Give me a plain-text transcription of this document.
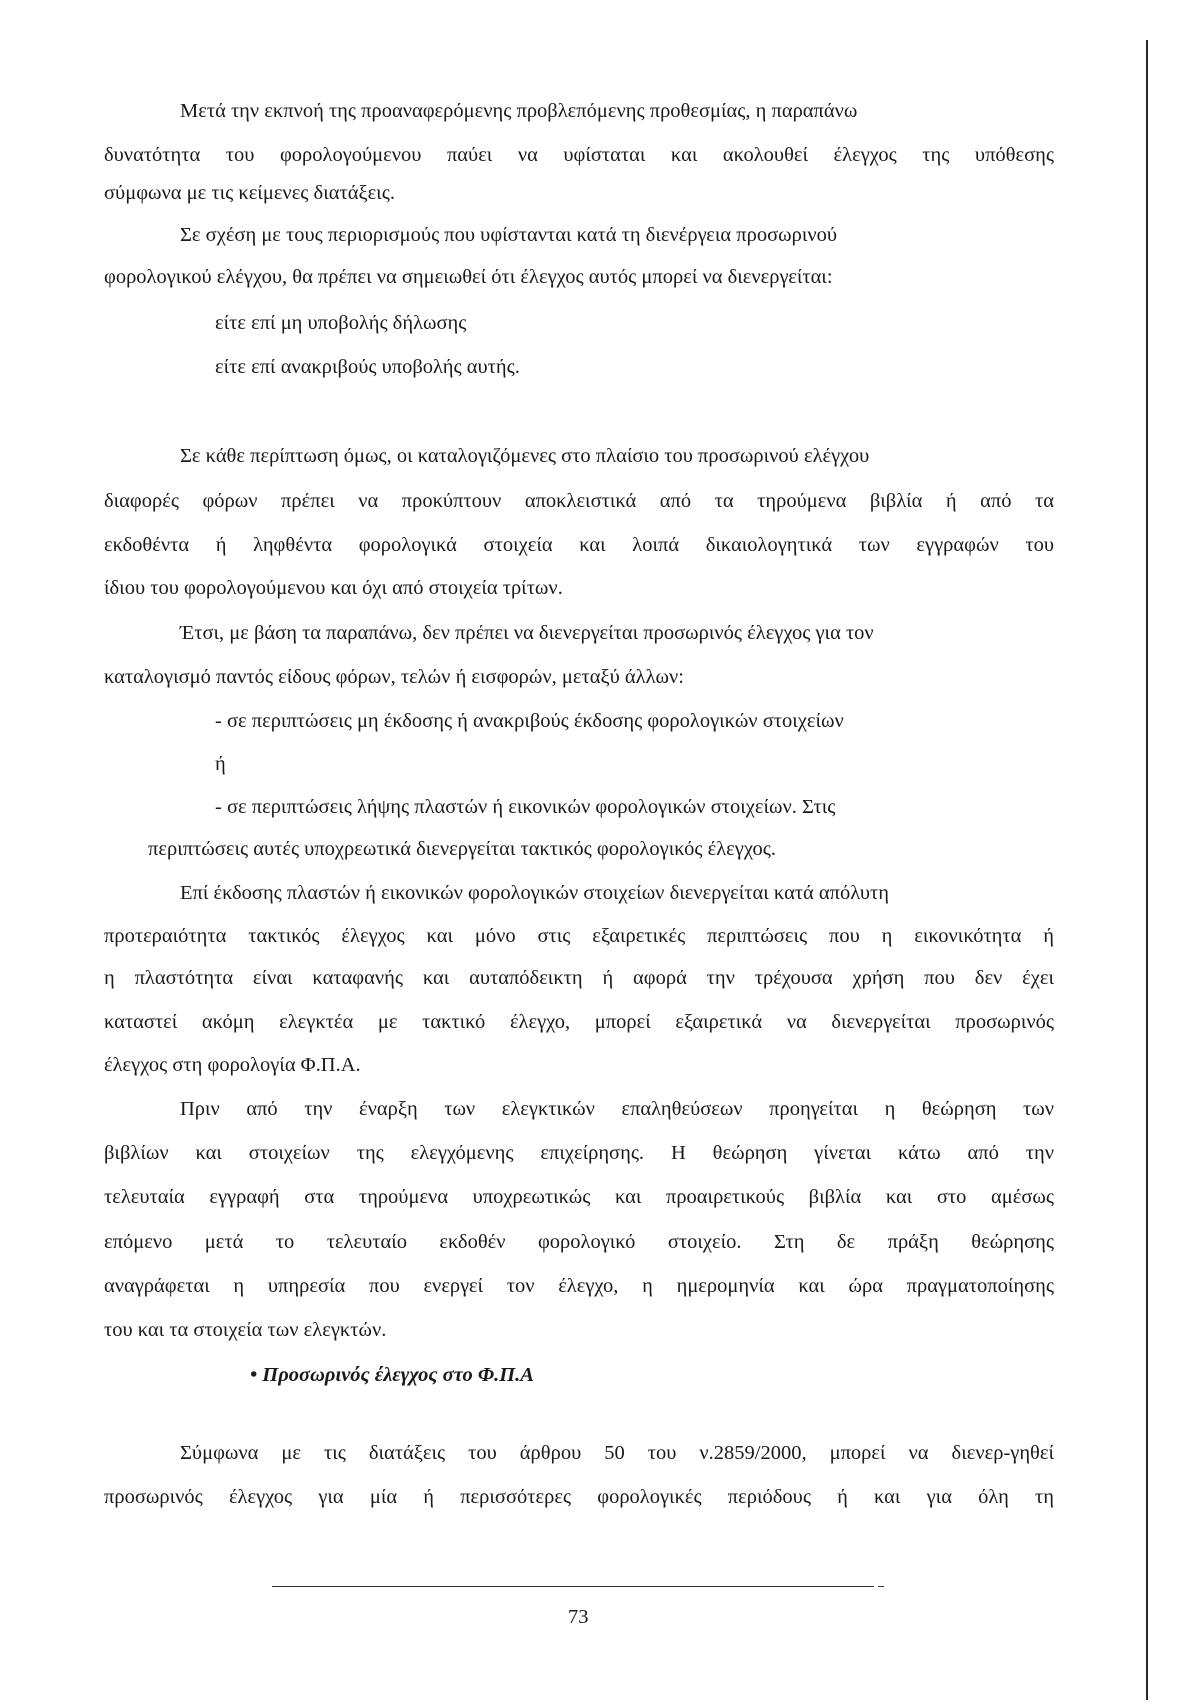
Μετά την εκπνοή της προαναφερόμενης προβλεπόμενης προθεσμίας, η παραπάνω
δυνατότητα του φορολογούμενου παύει να υφίσταται και ακολουθεί έλεγχος της υπόθεσης
σύμφωνα με τις κείμενες διατάξεις.
Σε σχέση με τους περιορισμούς που υφίστανται κατά τη διενέργεια προσωρινού
φορολογικού ελέγχου, θα πρέπει να σημειωθεί ότι έλεγχος αυτός μπορεί να διενεργείται:
είτε επί μη υποβολής δήλωσης
είτε επί ανακριβούς υποβολής αυτής.
Σε κάθε περίπτωση όμως, οι καταλογιζόμενες στο πλαίσιο του προσωρινού ελέγχου
διαφορές φόρων πρέπει να προκύπτουν αποκλειστικά από τα τηρούμενα βιβλία ή από τα
εκδοθέντα ή ληφθέντα φορολογικά στοιχεία και λοιπά δικαιολογητικά των εγγραφών του
ίδιου του φορολογούμενου και όχι από στοιχεία τρίτων.
Έτσι, με βάση τα παραπάνω, δεν πρέπει να διενεργείται προσωρινός έλεγχος για τον
καταλογισμό παντός είδους φόρων, τελών ή εισφορών, μεταξύ άλλων:
- σε περιπτώσεις μη έκδοσης ή ανακριβούς έκδοσης φορολογικών στοιχείων
ή
- σε περιπτώσεις λήψης πλαστών ή εικονικών φορολογικών στοιχείων. Στις
περιπτώσεις αυτές υποχρεωτικά διενεργείται τακτικός φορολογικός έλεγχος.
Επί έκδοσης πλαστών ή εικονικών φορολογικών στοιχείων διενεργείται κατά απόλυτη
προτεραιότητα τακτικός έλεγχος και μόνο στις εξαιρετικές περιπτώσεις που η εικονικότητα ή
η πλαστότητα είναι καταφανής και αυταπόδεικτη ή αφορά την τρέχουσα χρήση που δεν έχει
καταστεί ακόμη ελεγκτέα με τακτικό έλεγχο, μπορεί εξαιρετικά να διενεργείται προσωρινός
έλεγχος στη φορολογία Φ.Π.Α.
Πριν από την έναρξη των ελεγκτικών επαληθεύσεων προηγείται η θεώρηση των
βιβλίων και στοιχείων της ελεγχόμενης επιχείρησης. Η θεώρηση γίνεται κάτω από την
τελευταία εγγραφή στα τηρούμενα υποχρεωτικώς και προαιρετικούς βιβλία και στο αμέσως
επόμενο μετά το τελευταίο εκδοθέν φορολογικό στοιχείο. Στη δε πράξη θεώρησης
αναγράφεται η υπηρεσία που ενεργεί τον έλεγχο, η ημερομηνία και ώρα πραγματοποίησης
του και τα στοιχεία των ελεγκτών.
• Προσωρινός έλεγχος στο Φ.Π.Α
Σύμφωνα με τις διατάξεις του άρθρου 50 του ν.2859/2000, μπορεί να διενερ-γηθεί
προσωρινός έλεγχος για μία ή περισσότερες φορολογικές περιόδους ή και για όλη τη
73
